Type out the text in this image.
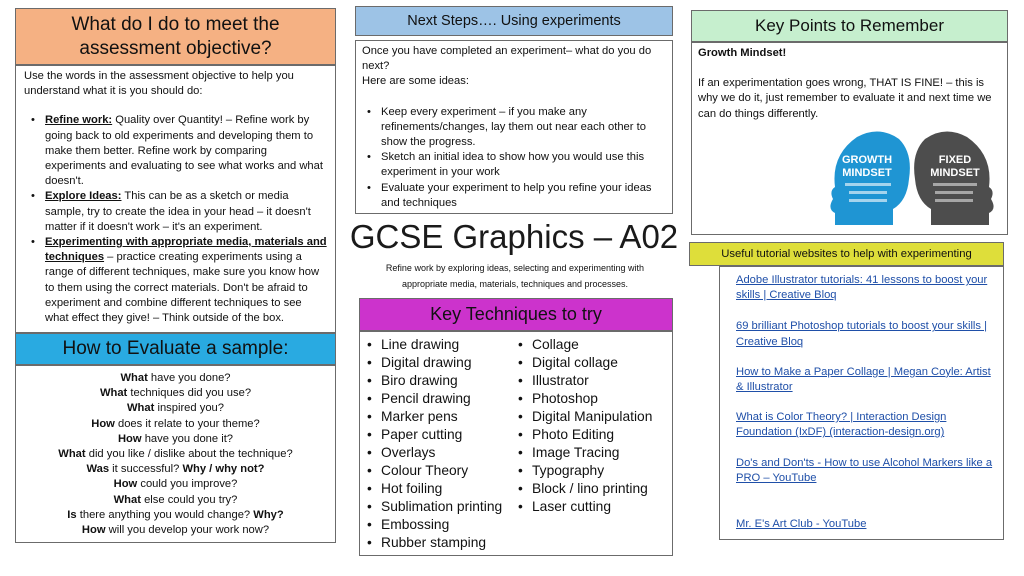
What do I do to meet the assessment objective?
Use the words in the assessment objective to help you understand what it is you should do:
• Refine work: Quality over Quantity! – Refine work by going back to old experiments and developing them to make them better. Refine work by comparing experiments and evaluating to see what works and what doesn't.
• Explore Ideas: This can be as a sketch or media sample, try to create the idea in your head – it doesn't matter if it doesn't work – it's an experiment.
• Experimenting with appropriate media, materials and techniques – practice creating experiments using a range of different techniques, make sure you know how to them using the correct materials. Don't be afraid to experiment and combine different techniques to see what effect they give! – Think outside of the box.
How to Evaluate a sample:
What have you done?
What techniques did you use?
What inspired you?
How does it relate to your theme?
How have you done it?
What did you like / dislike about the technique?
Was it successful? Why / why not?
How could you improve?
What else could you try?
Is there anything you would change? Why?
How will you develop your work now?
Next Steps…. Using experiments
Once you have completed an experiment– what do you do next?
Here are some ideas:
• Keep every experiment – if you make any refinements/changes, lay them out near each other to show the progress.
• Sketch an initial idea to show how you would use this experiment in your work
• Evaluate your experiment to help you refine your ideas and techniques
GCSE Graphics – A02
Refine work by exploring ideas, selecting and experimenting with appropriate media, materials, techniques and processes.
Key Techniques to try
• Line drawing
• Digital drawing
• Biro drawing
• Pencil drawing
• Marker pens
• Paper cutting
• Overlays
• Colour Theory
• Hot foiling
• Sublimation printing
• Embossing
• Rubber stamping
• Collage
• Digital collage
• Illustrator
• Photoshop
• Digital Manipulation
• Photo Editing
• Image Tracing
• Typography
• Block / lino printing
• Laser cutting
Key Points to Remember
Growth Mindset!
If an experimentation goes wrong, THAT IS FINE! – this is why we do it, just remember to evaluate it and next time we can do things differently.
GROWTH
MINDSET
FIXED
MINDSET
Useful tutorial websites to help with experimenting
Adobe Illustrator tutorials: 41 lessons to boost your skills | Creative Bloq
69 brilliant Photoshop tutorials to boost your skills | Creative Bloq
How to Make a Paper Collage | Megan Coyle: Artist & Illustrator
What is Color Theory? | Interaction Design Foundation (IxDF) (interaction-design.org)
Do's and Don'ts - How to use Alcohol Markers like a PRO – YouTube
Mr. E's Art Club - YouTube
